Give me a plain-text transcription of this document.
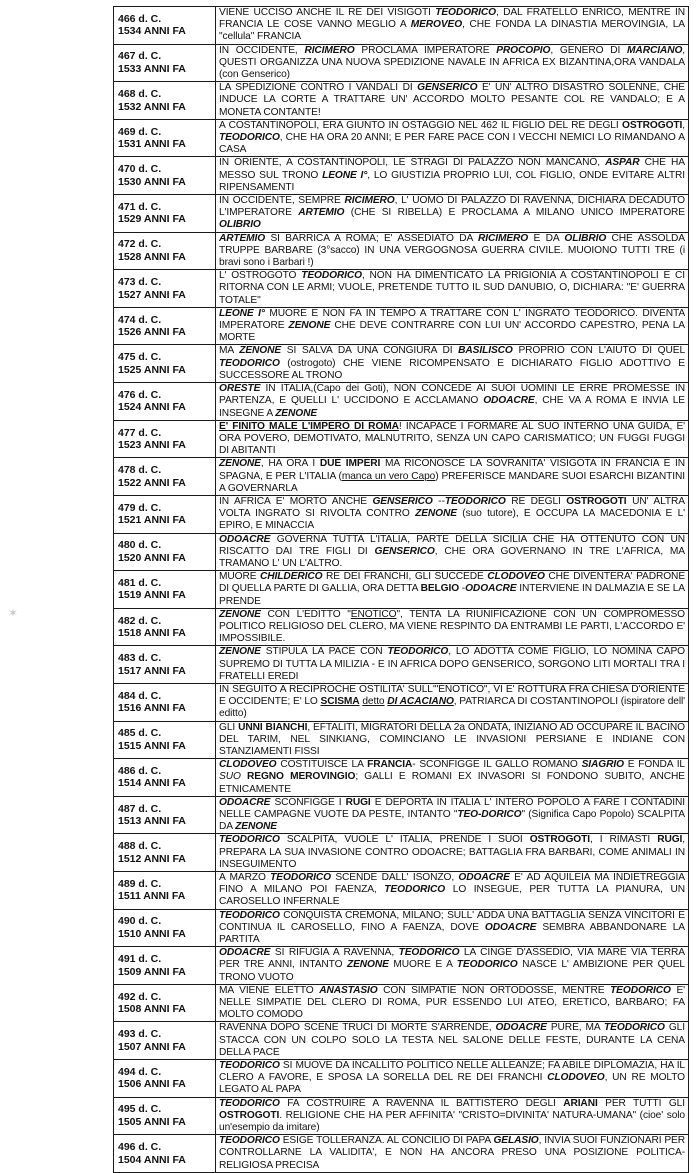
✶
466 d. C.
1534 ANNI FA	VIENE UCCISO ANCHE IL RE DEI VISIGOTI TEODORICO, DAL FRATELLO ENRICO, MENTRE IN FRANCIA LE COSE VANNO MEGLIO A MEROVEO, CHE FONDA LA DINASTIA MEROVINGIA, LA "cellula" FRANCIA

467 d. C.
1533 ANNI FA	IN OCCIDENTE, RICIMERO PROCLAMA IMPERATORE PROCOPIO, GENERO DI MARCIANO, QUESTI ORGANIZZA UNA NUOVA SPEDIZIONE NAVALE IN AFRICA EX BIZANTINA,ORA VANDALA (con Genserico)

468 d. C.
1532 ANNI FA	LA SPEDIZIONE CONTRO I VANDALI DI GENSERICO E' UN' ALTRO DISASTRO SOLENNE, CHE INDUCE LA CORTE A TRATTARE UN' ACCORDO MOLTO PESANTE COL RE VANDALO; E A MONETA CONTANTE!

469 d. C.
1531 ANNI FA	A COSTANTINOPOLI, ERA GIUNTO IN OSTAGGIO NEL 462 IL FIGLIO DEL RE DEGLI OSTROGOTI, TEODORICO, CHE HA ORA 20 ANNI; E PER FARE PACE CON I VECCHI NEMICI LO RIMANDANO A CASA

470 d. C.
1530 ANNI FA	IN ORIENTE, A COSTANTINOPOLI, LE STRAGI DI PALAZZO NON MANCANO, ASPAR CHE HA MESSO SUL TRONO LEONE I°, LO GIUSTIZIA PROPRIO LUI, COL FIGLIO, ONDE EVITARE ALTRI RIPENSAMENTI

471 d. C.
1529 ANNI FA	IN OCCIDENTE, SEMPRE RICIMERO, L' UOMO DI PALAZZO DI RAVENNA, DICHIARA DECADUTO L'IMPERATORE ARTEMIO (CHE SI RIBELLA) E PROCLAMA A MILANO UNICO IMPERATORE OLIBRIO

472 d. C.
1528 ANNI FA	ARTEMIO SI BARRICA A ROMA; E' ASSEDIATO DA RICIMERO E DA OLIBRIO CHE ASSOLDA TRUPPE BARBARE (3°sacco) IN UNA VERGOGNOSA GUERRA CIVILE. MUOIONO TUTTI TRE (i bravi sono i Barbari !)

473 d. C.
1527 ANNI FA	L' OSTROGOTO TEODORICO, NON HA DIMENTICATO LA PRIGIONIA A COSTANTINOPOLI E CI RITORNA CON LE ARMI; VUOLE, PRETENDE TUTTO IL SUD DANUBIO, O, DICHIARA: "E' GUERRA TOTALE"

474 d. C.
1526 ANNI FA	LEONE I° MUORE E NON FA IN TEMPO A TRATTARE CON L' INGRATO TEODORICO. DIVENTA IMPERATORE ZENONE CHE DEVE CONTRARRE CON LUI UN' ACCORDO CAPESTRO, PENA LA MORTE

475 d. C.
1525 ANNI FA	MA ZENONE SI SALVA DA UNA CONGIURA DI BASILISCO PROPRIO CON L'AIUTO DI QUEL TEODORICO (ostrogoto) CHE VIENE RICOMPENSATO E DICHIARATO FIGLIO ADOTTIVO E SUCCESSORE AL TRONO

476 d. C.
1524 ANNI FA	ORESTE IN ITALIA,(Capo dei Goti), NON CONCEDE AI SUOI UOMINI LE ERRE PROMESSE IN PARTENZA, E QUELLI L' UCCIDONO E ACCLAMANO ODOACRE, CHE VA A ROMA E INVIA LE INSEGNE A ZENONE

477 d. C.
1523 ANNI FA	E' FINITO MALE L'IMPERO DI ROMA! INCAPACE I FORMARE AL SUO INTERNO UNA GUIDA, E' ORA POVERO, DEMOTIVATO, MALNUTRITO, SENZA UN CAPO CARISMATICO; UN FUGGI FUGGI DI ABITANTI

478 d. C.
1522 ANNI FA	ZENONE, HA ORA I DUE IMPERI MA RICONOSCE LA SOVRANITA' VISIGOTA IN FRANCIA E IN SPAGNA, E PER L'ITALIA (manca un vero Capo) PREFERISCE MANDARE SUOI ESARCHI BIZANTINI A GOVERNARLA

479 d. C.
1521 ANNI FA	IN AFRICA E' MORTO ANCHE GENSERICO --TEODORICO RE DEGLI OSTROGOTI UN' ALTRA VOLTA INGRATO SI RIVOLTA CONTRO ZENONE (suo tutore), E OCCUPA LA MACEDONIA E L' EPIRO, E MINACCIA

480 d. C.
1520 ANNI FA	ODOACRE GOVERNA TUTTA L'ITALIA, PARTE DELLA SICILIA CHE HA OTTENUTO CON UN RISCATTO DAI TRE FIGLI DI GENSERICO, CHE ORA GOVERNANO IN TRE L'AFRICA, MA TRAMANO L' UN L'ALTRO.

481 d. C.
1519 ANNI FA	MUORE CHILDERICO RE DEI FRANCHI, GLI SUCCEDE CLODOVEO CHE DIVENTERA' PADRONE DI QUELLA PARTE DI GALLIA, ORA DETTA BELGIO -ODOACRE INTERVIENE IN DALMAZIA E SE LA PRENDE

482 d. C.
1518 ANNI FA	ZENONE CON L'EDITTO "ENOTICO", TENTA LA RIUNIFICAZIONE CON UN COMPROMESSO POLITICO RELIGIOSO DEL CLERO, MA VIENE RESPINTO DA ENTRAMBI LE PARTI, L'ACCORDO E' IMPOSSIBILE.

483 d. C.
1517 ANNI FA	ZENONE STIPULA LA PACE CON TEODORICO, LO ADOTTA COME FIGLIO, LO NOMINA CAPO SUPREMO DI TUTTA LA MILIZIA - E IN AFRICA DOPO GENSERICO, SORGONO LITI MORTALI TRA I FRATELLI EREDI

484 d. C.
1516 ANNI FA	IN SEGUITO A RECIPROCHE OSTILITA' SULL'"ENOTICO", VI E' ROTTURA FRA CHIESA D'ORIENTE E OCCIDENTE; E' LO SCISMA detto DI ACACIANO, PATRIARCA DI COSTANTINOPOLI (ispiratore dell' editto)

485 d. C.
1515 ANNI FA	GLI UNNI BIANCHI, EFTALITI, MIGRATORI DELLA 2a ONDATA, INIZIANO AD OCCUPARE IL BACINO DEL TARIM, NEL SINKIANG, COMINCIANO LE INVASIONI PERSIANE E INDIANE CON STANZIAMENTI FISSI

486 d. C.
1514 ANNI FA	CLODOVEO COSTITUISCE LA FRANCIA- SCONFIGGE IL GALLO ROMANO SIAGRIO E FONDA IL SUO REGNO MEROVINGIO; GALLI E ROMANI EX INVASORI SI FONDONO SUBITO, ANCHE ETNICAMENTE

487 d. C.
1513 ANNI FA	ODOACRE SCONFIGGE I RUGI E DEPORTA IN ITALIA L' INTERO POPOLO A FARE I CONTADINI NELLE CAMPAGNE VUOTE DA PESTE, INTANTO "TEO-DORICO" (Significa Capo Popolo) SCALPITA DA ZENONE

488 d. C.
1512 ANNI FA	TEODORICO SCALPITA, VUOLE L' ITALIA, PRENDE I SUOI OSTROGOTI, I RIMASTI RUGI, PREPARA LA SUA INVASIONE CONTRO ODOACRE; BATTAGLIA FRA BARBARI, COME ANIMALI IN INSEGUIMENTO

489 d. C.
1511 ANNI FA	A MARZO TEODORICO SCENDE DALL' ISONZO, ODOACRE E' AD AQUILEIA MA INDIETREGGIA FINO A MILANO POI FAENZA, TEODORICO LO INSEGUE, PER TUTTA LA PIANURA, UN CAROSELLO INFERNALE

490 d. C.
1510 ANNI FA	TEODORICO CONQUISTA CREMONA, MILANO; SULL' ADDA UNA BATTAGLIA SENZA VINCITORI E CONTINUA IL CAROSELLO, FINO A FAENZA, DOVE ODOACRE SEMBRA ABBANDONARE LA PARTITA

491 d. C.
1509 ANNI FA	ODOACRE SI RIFUGIA A RAVENNA, TEODORICO LA CINGE D'ASSEDIO, VIA MARE VIA TERRA PER TRE ANNI, INTANTO ZENONE MUORE E A TEODORICO NASCE L' AMBIZIONE PER QUEL TRONO VUOTO

492 d. C.
1508 ANNI FA	MA VIENE ELETTO ANASTASIO CON SIMPATIE NON ORTODOSSE, MENTRE TEODORICO E' NELLE SIMPATIE DEL CLERO DI ROMA, PUR ESSENDO LUI ATEO, ERETICO, BARBARO; FA MOLTO COMODO

493 d. C.
1507 ANNI FA	RAVENNA DOPO SCENE TRUCI DI MORTE S'ARRENDE, ODOACRE PURE, MA TEODORICO GLI STACCA CON UN COLPO SOLO LA TESTA NEL SALONE DELLE FESTE, DURANTE LA CENA DELLA PACE

494 d. C.
1506 ANNI FA	TEODORICO SI MUOVE DA INCALLITO POLITICO NELLE ALLEANZE; FA ABILE DIPLOMAZIA, HA IL CLERO A FAVORE, E SPOSA LA SORELLA DEL RE DEI FRANCHI CLODOVEO, UN RE MOLTO LEGATO AL PAPA

495 d. C.
1505 ANNI FA	TEODORICO FA COSTRUIRE A RAVENNA IL BATTISTERO DEGLI ARIANI PER TUTTI GLI OSTROGOTI. RELIGIONE CHE HA PER AFFINITA' "CRISTO=DIVINITA' NATURA-UMANA" (cioe' solo un'esempio da imitare)

496 d. C.
1504 ANNI FA	TEODORICO ESIGE TOLLERANZA. AL CONCILIO DI PAPA GELASIO, INVIA SUOI FUNZIONARI PER CONTROLLARNE LA VALIDITA', E NON HA ANCORA PRESO UNA POSIZIONE POLITICA-RELIGIOSA PRECISA
